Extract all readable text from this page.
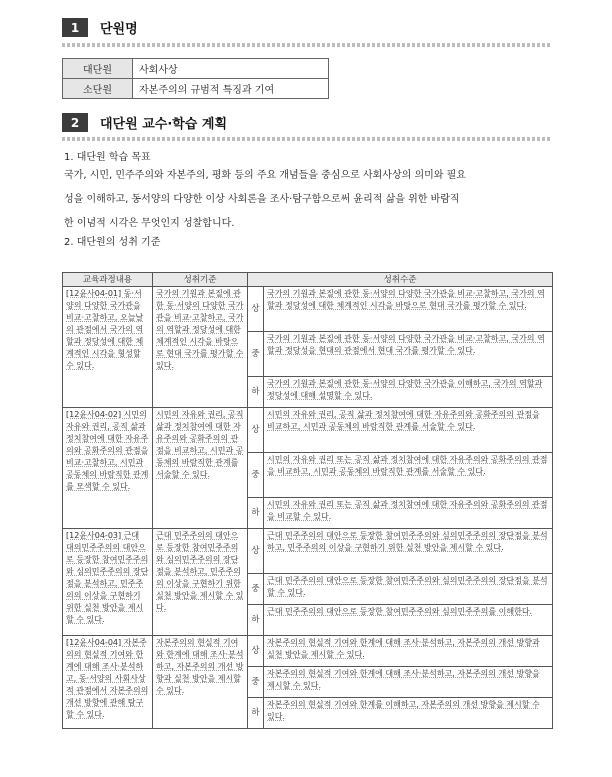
1	단원명
대단원	사회사상
소단원	자본주의의 규범적 특징과 기여
2	대단원 교수·학습 계획
1. 대단원 학습 목표
국가, 시민, 민주주의와 자본주의, 평화 등의 주요 개념들을 중심으로 사회사상의 의미와 필요
성을 이해하고, 동서양의 다양한 이상 사회론을 조사·탐구함으로써 윤리적 삶을 위한 바람직
한 이념적 시각은 무엇인지 성찰합니다.
2. 대단원의 성취 기준
교육과정내용	성취기준	성취수준	
[12윤사04-01] 동·서양의 다양한 국가관을 비교·고찰하고, 오늘날의 관점에서 국가의 역할과 정당성에 대한 체계적인 시각을 형성할 수 있다.	국가의 기원과 본질에 관한 동·서양의 다양한 국가관을 비교·고찰하고, 국가의 역할과 정당성에 대한 체계적인 시각을 바탕으로 현대 국가를 평가할 수 있다.	상	국가의 기원과 본질에 관한 동·서양의 다양한 국가관을 비교·고찰하고, 국가의 역할과 정당성에 대한 체계적인 시각을 바탕으로 현대 국가를 평가할 수 있다.
		중	국가의 기원과 본질에 관한 동·서양의 다양한 국가관을 비교·고찰하고, 국가의 역할과 정당성을 현대의 관점에서 현대 국가를 평가할 수 있다.
		하	국가의 기원과 본질에 관한 동·서양의 다양한 국가관을 이해하고, 국가의 역할과 정당성에 대해 설명할 수 있다.
[12윤사04-02] 시민의 자유와 권리, 공직 삶과 정치참여에 대한 자유주의와 공화주의의 관점을 비교·고찰하고, 시민과 공동체의 바람직한 관계를 모색할 수 있다.	시민의 자유와 권리, 공직 삶과 정치참여에 대한 자유주의와 공화주의의 관점을 비교하고, 시민과 공동체의 바람직한 관계를 서술할 수 있다.	상	시민의 자유와 권리, 공직 삶과 정치참여에 대한 자유주의와 공화주의의 관점을 비교하고, 시민과 공동체의 바람직한 관계를 서술할 수 있다.
		중	시민의 자유와 권리 또는 공직 삶과 정치참여에 대한 자유주의와 공화주의의 관점을 비교하고, 시민과 공동체의 바람직한 관계를 서술할 수 있다.
		하	시민의 자유와 권리 또는 공직 삶과 정치참여에 대한 자유주의와 공화주의의 관점을 비교할 수 있다.
[12윤사04-03] 근대 대의민주주의의 대안으로 등장한 참여민주주의와 심의민주주의의 장단점을 분석하고, 민주주의의 이상을 구현하기 위한 실천 방안을 제시할 수 있다.	근대 민주주의의 대안으로 등장한 참여민주주의와 심의민주주의의 장단점을 분석하고, 민주주의의 이상을 구현하기 위한 실천 방안을 제시할 수 있다.	상	근대 민주주의의 대안으로 등장한 참여민주주의와 심의민주주의의 장단점을 분석하고, 민주주의의 이상을 구현하기 위한 실천 방안을 제시할 수 있다.
		중	근대 민주주의의 대안으로 등장한 참여민주주의와 심의민주주의의 장단점을 분석할 수 있다.
		하	근대 민주주의의 대안으로 등장한 참여민주주의와 심의민주주의를 이해한다.
[12윤사04-04] 자본주의의 현실적 기여와 한계에 대해 조사·분석하고, 동·서양의 사회사상적 관점에서 자본주의의 개선 방향에 관해 탐구할 수 있다.	자본주의의 현실적 기여와 한계에 대해 조사·분석하고, 자본주의의 개선 방향과 실천 방안을 제시할 수 있다.	상	자본주의의 현실적 기여와 한계에 대해 조사·분석하고, 자본주의의 개선 방향과 실천 방안을 제시할 수 있다.
		중	자본주의의 현실적 기여와 한계에 대해 조사·분석하고, 자본주의의 개선 방향을 제시할 수 있다.
		하	자본주의의 현실적 기여와 한계를 이해하고, 자본주의의 개선 방향을 제시할 수 있다.
